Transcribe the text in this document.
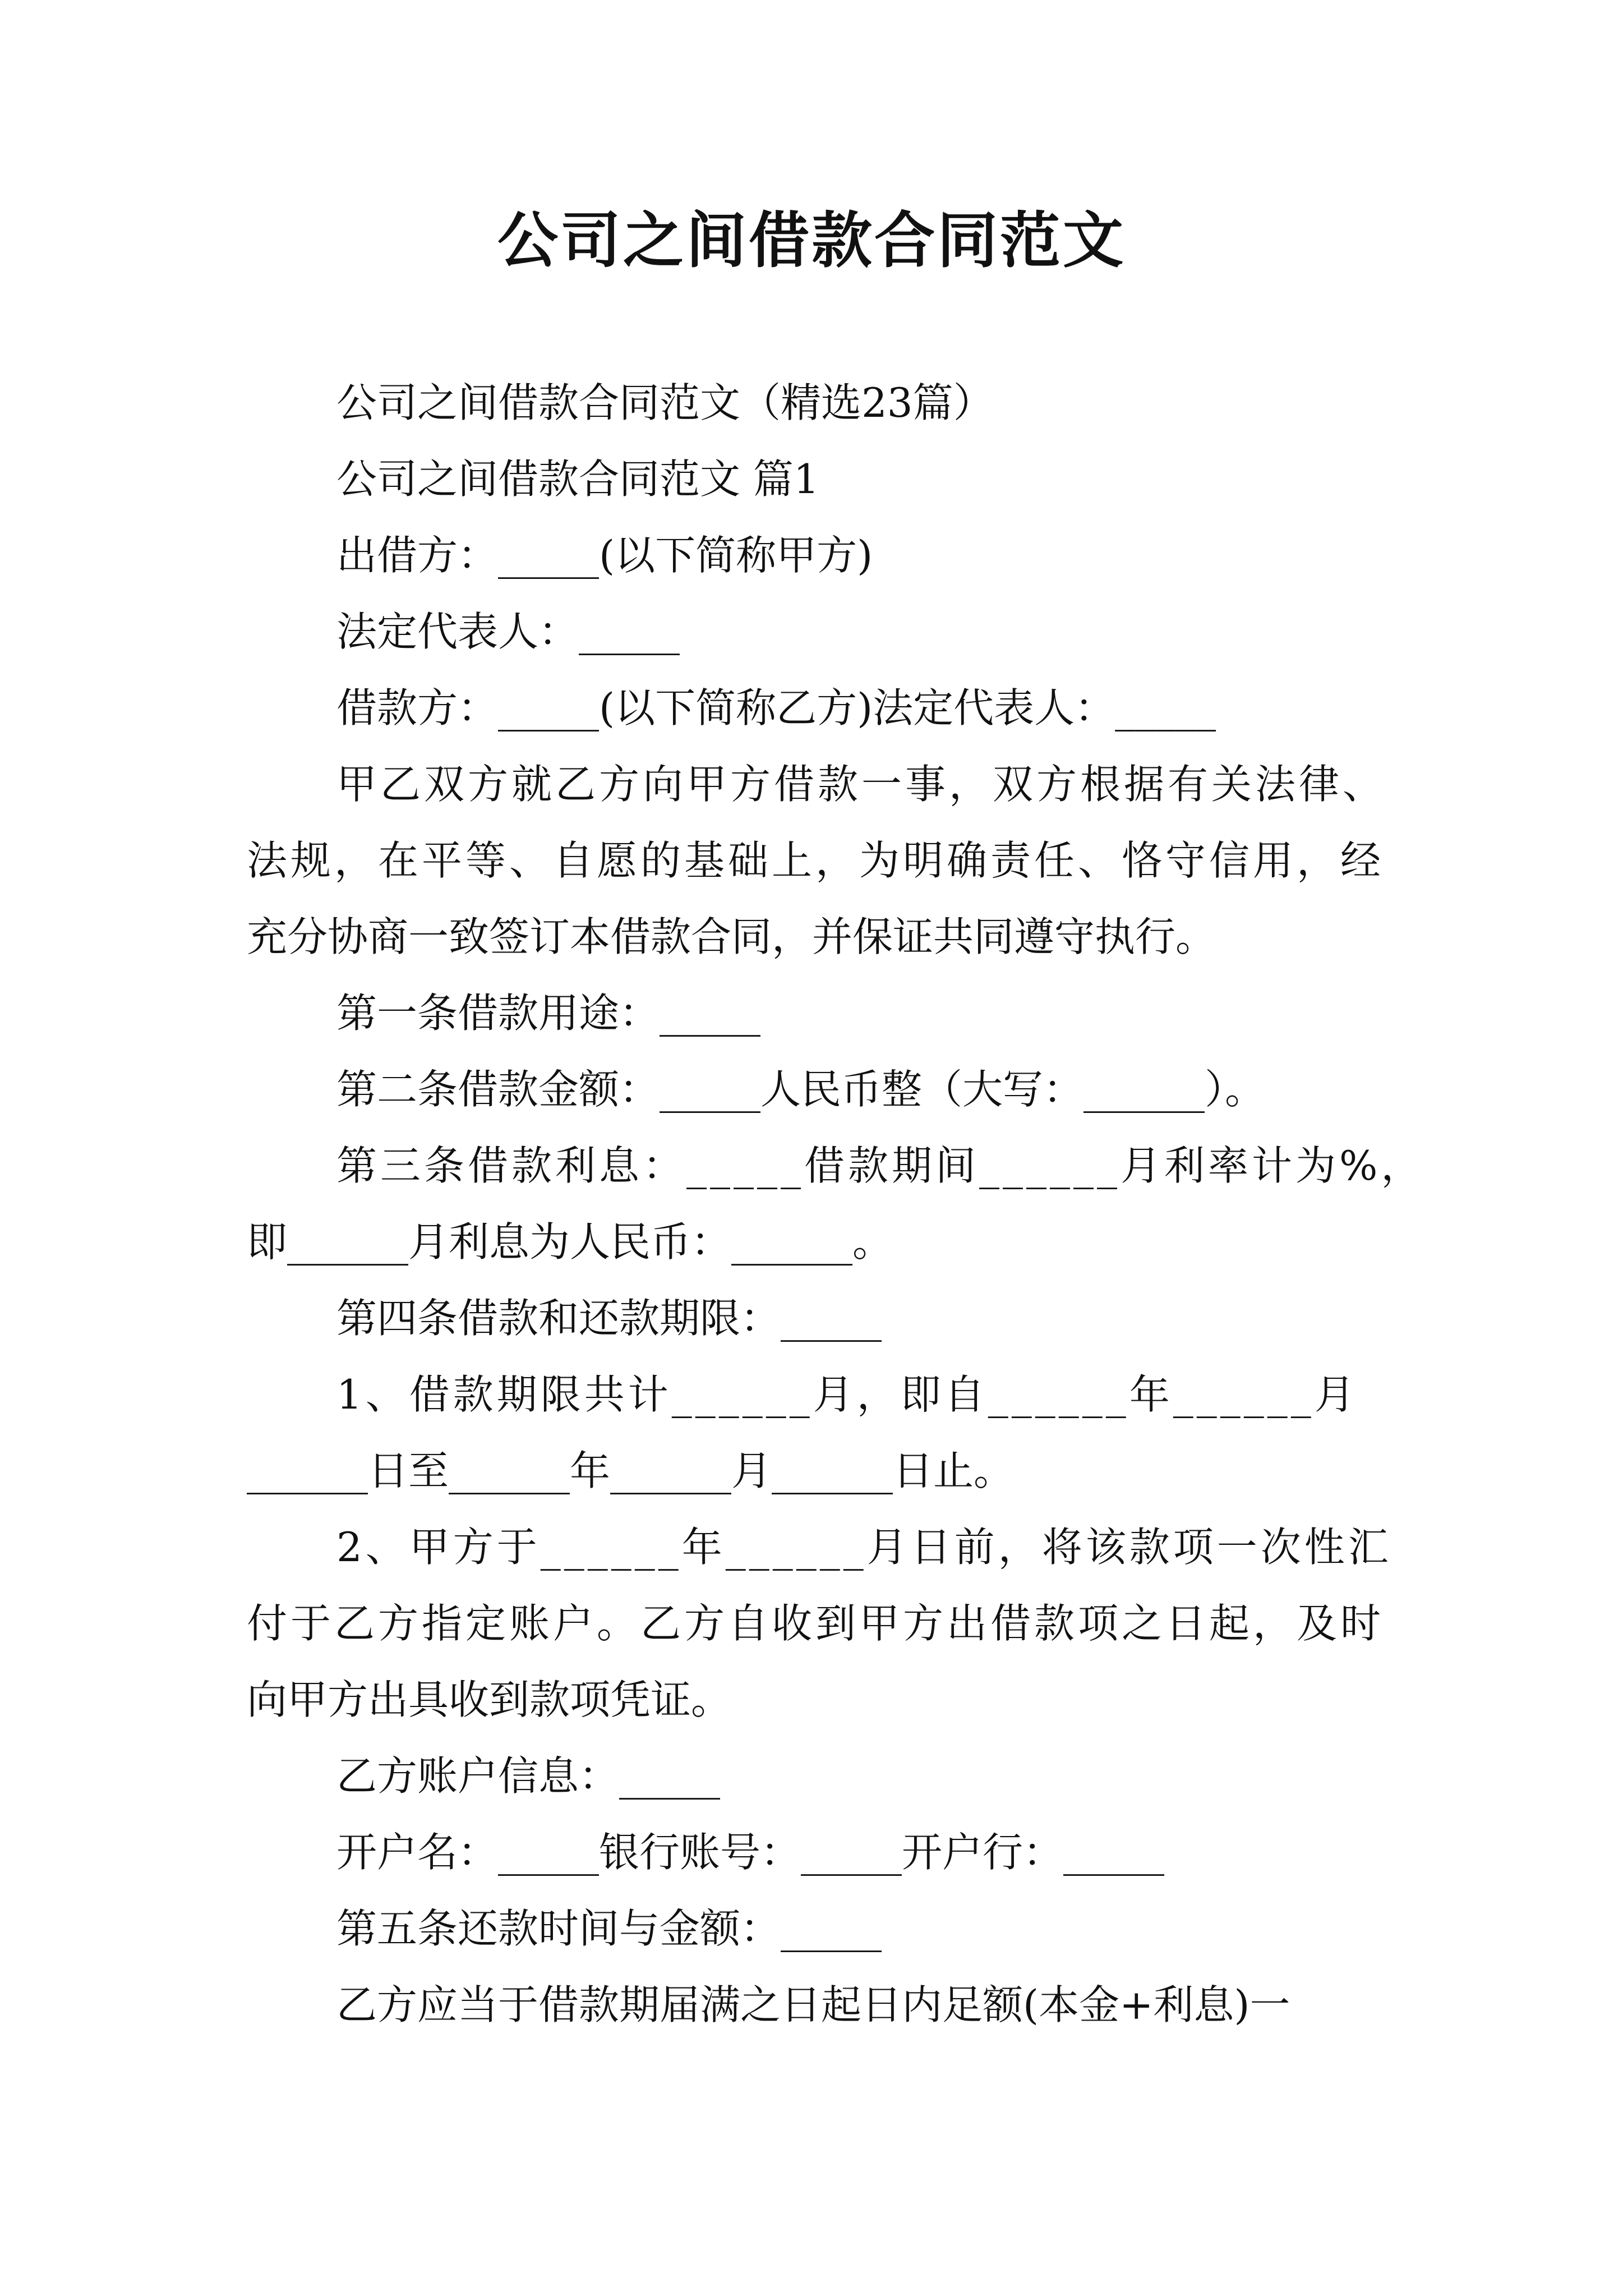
公司之间借款合同范文
公司之间借款合同范文（精选23篇）
公司之间借款合同范文 篇1
出借方：_____(以下简称甲方)
法定代表人：_____
借款方：_____(以下简称乙方)法定代表人：_____
甲乙双方就乙方向甲方借款一事，双方根据有关法律、
法规，在平等、自愿的基础上，为明确责任、恪守信用，经
充分协商一致签订本借款合同，并保证共同遵守执行。
第一条借款用途：_____
第二条借款金额：_____人民币整（大写：______）。
第三条借款利息：_____借款期间______月利率计为%，
即______月利息为人民币：______。
第四条借款和还款期限：_____
1、借款期限共计______月，即自______年______月
______日至______年______月______日止。
2、甲方于______年______月日前，将该款项一次性汇
付于乙方指定账户。乙方自收到甲方出借款项之日起，及时
向甲方出具收到款项凭证。
乙方账户信息：_____
开户名：_____银行账号：_____开户行：_____
第五条还款时间与金额：_____
乙方应当于借款期届满之日起日内足额(本金+利息)一
